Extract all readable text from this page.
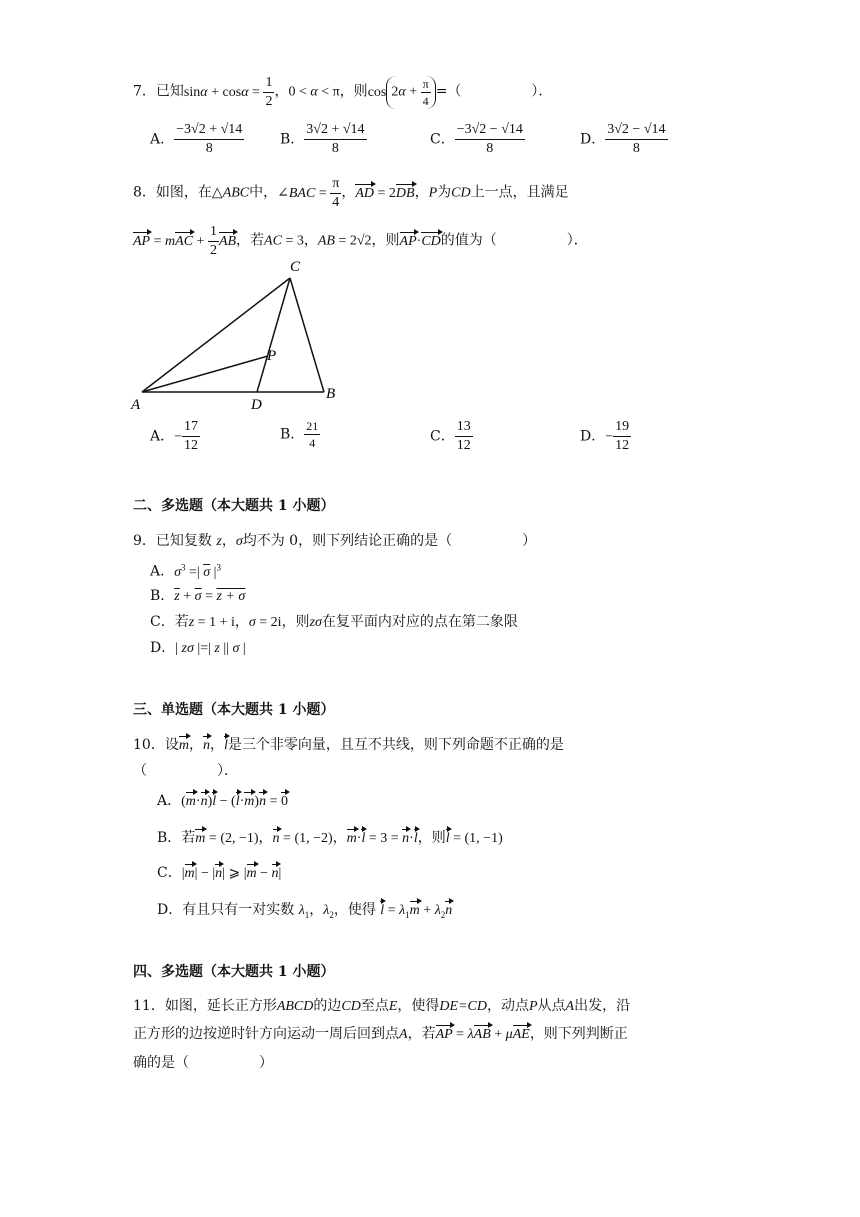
7．已知$\sin\alpha + \cos\alpha = \frac{1}{2}$ ，0 < α < π，则$\cos 2\alpha + \frac{\pi}{4}$ =（　　　　　）．
A． $\frac{-3√2 + √14}{8}$	B． $\frac{3√2 + √14}{8}$	C． $\frac{-3√2 - √14}{8}$	D． $\frac{3√2 - √14}{8}$
8．如图，在△ABC中，∠BAC = $\frac{\pi}{4}$ ，AD = 2DB，P为CD上一点，且满足
AP = mAC + $\frac{1}{2}$ AB，若AC = 3，AB = 2√2，则AP·CD的值为（　　　　　）．
C
P
A	D
B
A．− $\frac{17}{12}$	B． $\frac{21}{4}$	C． $\frac{13}{12}$	D．− $\frac{19}{12}$
二、多选题（本大题共 1 小题）
9．已知复数 z，σ均不为 0，则下列结论正确的是（　　　　　）
A．$\sigma^3$ =| $\overline{\sigma}$ $|^3$
B．$\overline{z} + \overline{\sigma} = z + \sigma$
C．若z = 1 + i，σ = 2i，则zσ在复平面内对应的点在第二象限
D．| zσ |=| z || σ |
三、单选题（本大题共 1 小题）
10．设m，n，l是三个非零向量，且互不共线，则下列命题不正确的是
（　　　　　）．
A．(m·n)l − (l·m)n = 0
B．若m = (2, −1)，n = (1, −2)，m·l = 3 = n·l，则l = (1, −1)
C．|m| − |n| ⩾ |m − n|
D．有且只有一对实数 $\lambda_1$，$\lambda_2$，使得 $l = \lambda_1m + \lambda_2n$
四、多选题（本大题共 1 小题）
11．如图，延长正方形ABCD的边CD至点E，使得DE=CD，动点P从点A出发，沿
正方形的边按逆时针方向运动一周后回到点A，若AP = λAB + μAE，则下列判断正
确的是（　　　　　）
